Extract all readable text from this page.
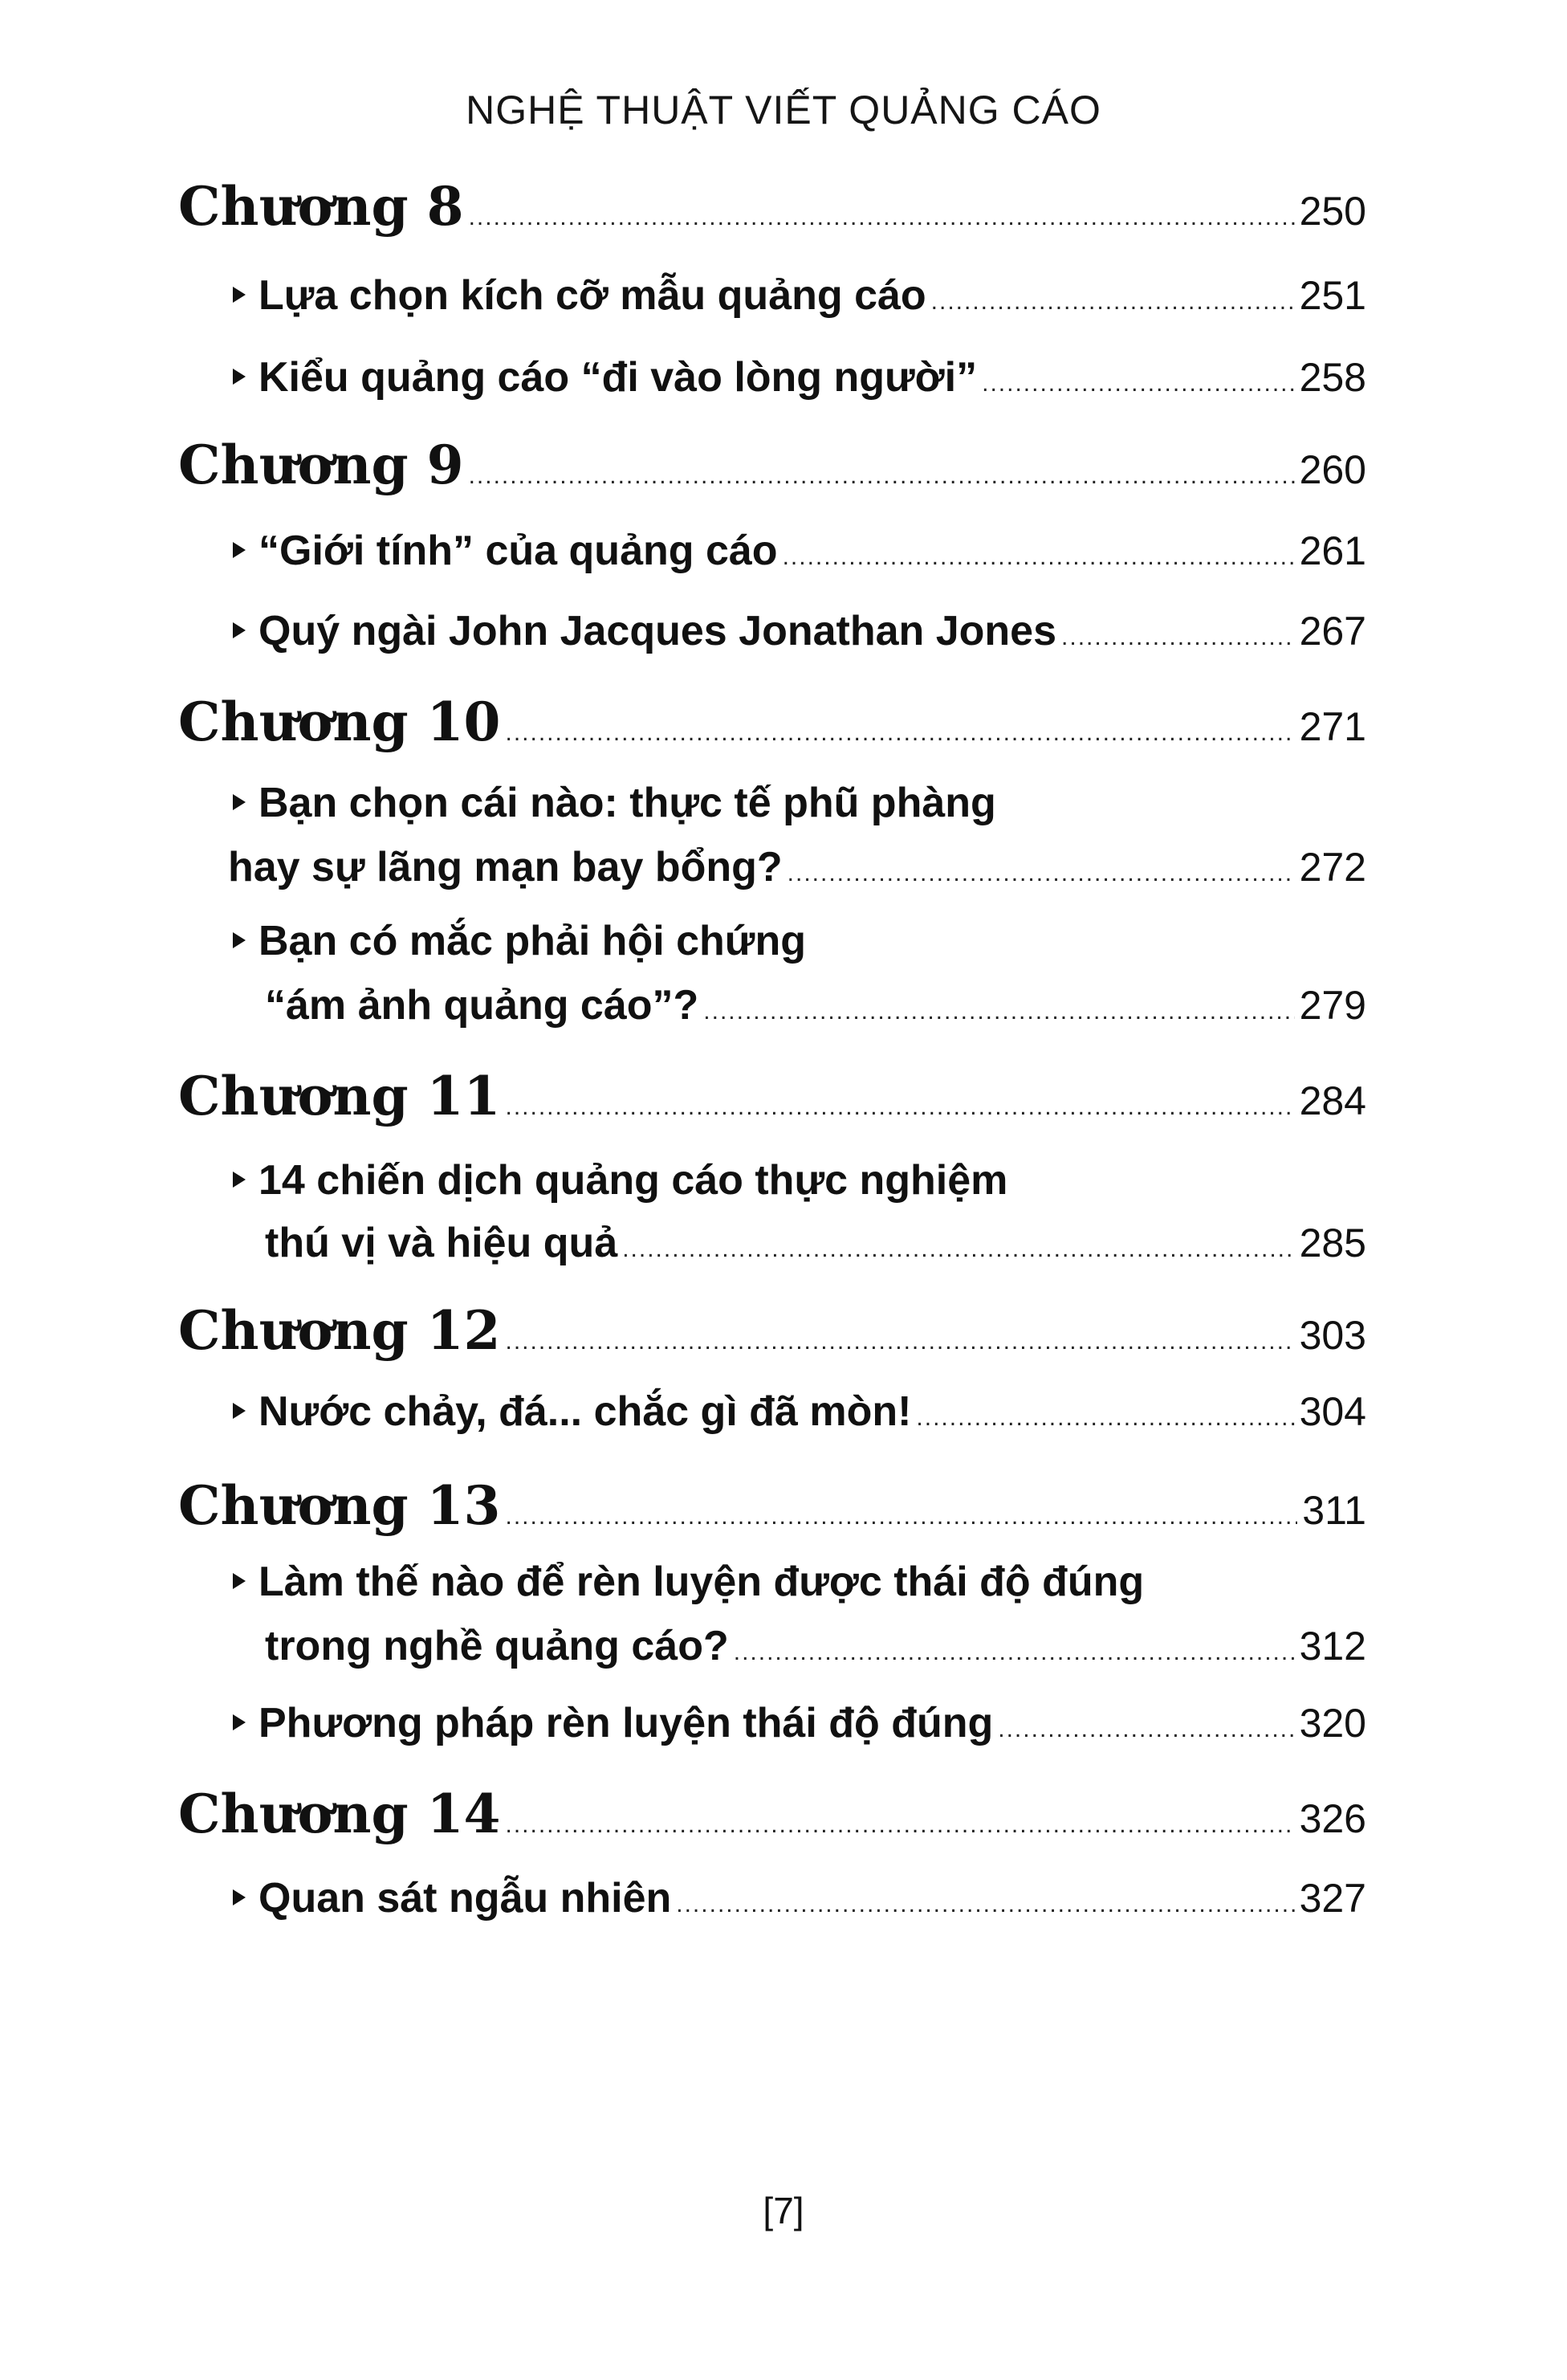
NGHỆ THUẬT VIẾT QUẢNG CÁO
Chương 8 .....	250
Lựa chọn kích cỡ mẫu quảng cáo .....	251
Kiểu quảng cáo “đi vào lòng người” .....	258
Chương 9 .....	260
“Giới tính” của quảng cáo .....	261
Quý ngài John Jacques Jonathan Jones .....	267
Chương 10 .....	271
Bạn chọn cái nào: thực tế phũ phàng
hay sự lãng mạn bay bổng? .....	272
Bạn có mắc phải hội chứng
“ám ảnh quảng cáo”? .....	279
Chương 11 .....	284
14 chiến dịch quảng cáo thực nghiệm
thú vị và hiệu quả .....	285
Chương 12 .....	303
Nước chảy, đá... chắc gì đã mòn! .....	304
Chương 13 .....	311
Làm thế nào để rèn luyện được thái độ đúng
trong nghề quảng cáo? .....	312
Phương pháp rèn luyện thái độ đúng .....	320
Chương 14 .....	326
Quan sát ngẫu nhiên .....	327
[7]
